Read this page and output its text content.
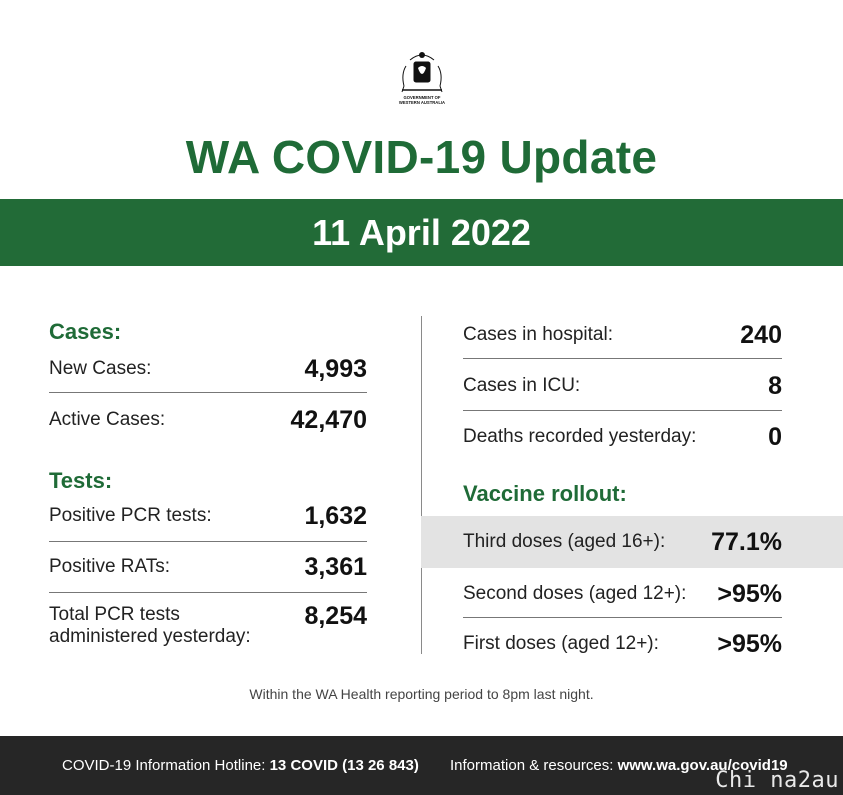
GOVERNMENT OF
WESTERN AUSTRALIA
WA COVID-19 Update
11 April 2022
Cases:
New Cases:	4,993
Active Cases:	42,470
Tests:
Positive PCR tests:	1,632
Positive RATs:	3,361
Total PCR tests
administered yesterday:
8,254
Cases in hospital:	240
Cases in ICU:	8
Deaths recorded yesterday:	0
Vaccine rollout:
Third doses (aged 16+): 77.1%
Second doses (aged 12+): >95%
First doses (aged 12+): >95%
Within the WA Health reporting period to 8pm last night.
COVID-19 Information Hotline: 13 COVID (13 26 843) Information & resources: www.wa.gov.au/covid19
Chi na2au
